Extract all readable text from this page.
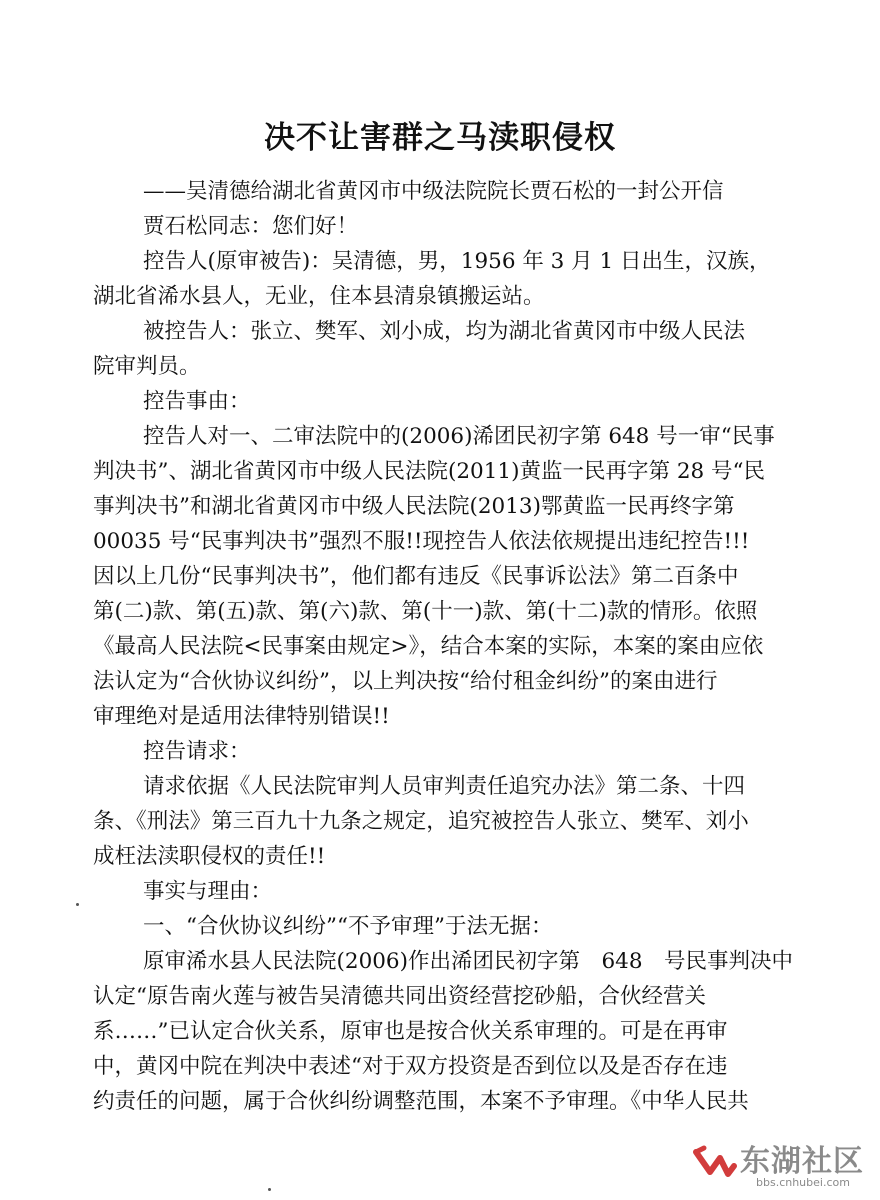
决不让害群之马渎职侵权
——吴清德给湖北省黄冈市中级法院院长贾石松的一封公开信
贾石松同志：您们好！
控告人(原审被告)：吴清德，男，1956 年 3 月 1 日出生，汉族，
湖北省浠水县人，无业，住本县清泉镇搬运站。
被控告人：张立、樊军、刘小成，均为湖北省黄冈市中级人民法
院审判员。
控告事由：
控告人对一、二审法院中的(2006)浠团民初字第 648 号一审“民事
判决书”、湖北省黄冈市中级人民法院(2011)黄监一民再字第 28 号“民
事判决书”和湖北省黄冈市中级人民法院(2013)鄂黄监一民再终字第
00035 号“民事判决书”强烈不服!!现控告人依法依规提出违纪控告!!!
因以上几份“民事判决书”，他们都有违反《民事诉讼法》第二百条中
第(二)款、第(五)款、第(六)款、第(十一)款、第(十二)款的情形。依照
《最高人民法院<民事案由规定>》，结合本案的实际，本案的案由应依
法认定为“合伙协议纠纷”，以上判决按“给付租金纠纷”的案由进行
审理绝对是适用法律特别错误!!
控告请求：
请求依据《人民法院审判人员审判责任追究办法》第二条、十四
条、《刑法》第三百九十九条之规定，追究被控告人张立、樊军、刘小
成枉法渎职侵权的责任!!
事实与理由：
一、“合伙协议纠纷”“不予审理”于法无据：
原审浠水县人民法院(2006)作出浠团民初字第　648　号民事判决中
认定“原告南火莲与被告吴清德共同出资经营挖砂船，合伙经营关
系……”已认定合伙关系，原审也是按合伙关系审理的。可是在再审
中，黄冈中院在判决中表述“对于双方投资是否到位以及是否存在违
约责任的问题，属于合伙纠纷调整范围，本案不予审理。《中华人民共
东湖社区
bbs.cnhubei.com
